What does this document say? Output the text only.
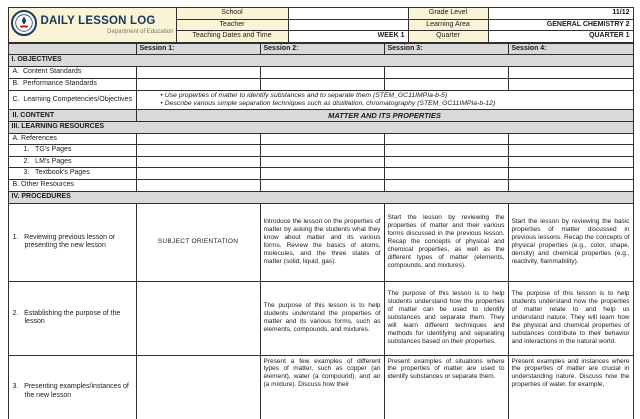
DAILY LESSON LOG
Department of Education	School		Grade Level	11/12
	Teacher		Learning Area	GENERAL CHEMISTRY 2
	Teaching Dates and Time	WEEK 1	Quarter	QUARTER 1
	Session 1:	Session 2:	Session 3:	Session 4:
I. OBJECTIVES				
A.  Content Standards				
B.  Performance Standards				
C.  Learning Competencies/Objectives	• Use properties of matter to identify substances and to separate them (STEM_GC11IMPIa-b-5)
• Describe various simple separation techniques such as distillation, chromatography (STEM_GC11IMPIa-b-12)

II. CONTENT	MATTER AND ITS PROPERTIES			
III. LEARNING RESOURCES				
A. References				
1.   TG's Pages				
2.   LM's Pages				
3.   Textbook's Pages				
B. Other Resources				
IV. PROCEDURES				
1.   Reviewing previous lesson or presenting the new lesson	SUBJECT ORIENTATION	Introduce the lesson on the properties of matter by asking the students what they know about matter and its various forms. Review the basics of atoms, molecules, and the three states of matter (solid, liquid, gas).	Start the lesson by reviewing the properties of matter and their various forms discussed in the previous lesson. Recap the concepts of physical and chemical properties, as well as the different types of matter (elements, compounds, and mixtures).	Start the lesson by reviewing the basic properties of matter discussed in previous lessons. Recap the concepts of physical properties (e.g., color, shape, density) and chemical properties (e.g., reactivity, flammability).
2.   Establishing the purpose of the lesson		The purpose of this lesson is to help students understand the properties of matter and its various forms, such as elements, compounds, and mixtures.	The purpose of this lesson is to help students understand how the properties of matter can be used to identify substances and separate them. They will learn different techniques and methods for identifying and separating substances based on their properties.	The purpose of this lesson is to help students understand how the properties of matter relate to and help us understand nature. They will learn how the physical and chemical properties of substances contribute to their behavior and interactions in the natural world.
3.   Presenting examples/instances of the new lesson		Present a few examples of different types of matter, such as copper (an element), water (a compound), and air (a mixture). Discuss how their	Present examples of situations where the properties of matter are used to identify substances or separate them.	Present examples and instances where the properties of matter are crucial in understanding nature. Discuss how the properties of water, for example,
